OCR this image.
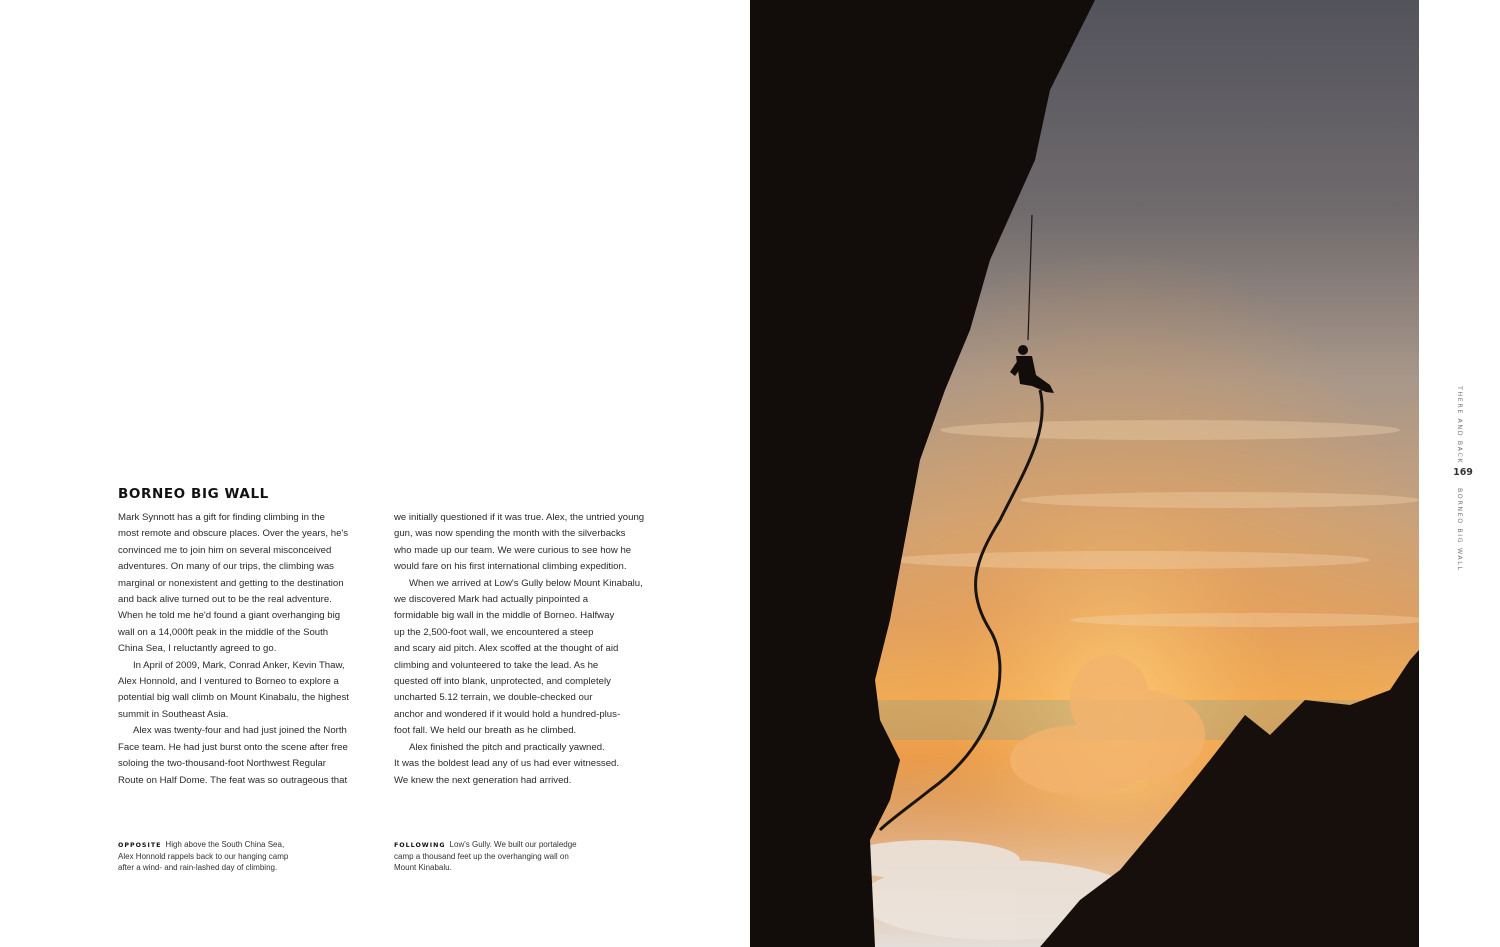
BORNEO BIG WALL
Mark Synnott has a gift for finding climbing in the
most remote and obscure places. Over the years, he's
convinced me to join him on several misconceived
adventures. On many of our trips, the climbing was
marginal or nonexistent and getting to the destination
and back alive turned out to be the real adventure.
When he told me he'd found a giant overhanging big
wall on a 14,000ft peak in the middle of the South
China Sea, I reluctantly agreed to go.
In April of 2009, Mark, Conrad Anker, Kevin Thaw,
Alex Honnold, and I ventured to Borneo to explore a
potential big wall climb on Mount Kinabalu, the highest
summit in Southeast Asia.
Alex was twenty-four and had just joined the North
Face team. He had just burst onto the scene after free
soloing the two-thousand-foot Northwest Regular
Route on Half Dome. The feat was so outrageous that
we initially questioned if it was true. Alex, the untried young
gun, was now spending the month with the silverbacks
who made up our team. We were curious to see how he
would fare on his first international climbing expedition.
When we arrived at Low's Gully below Mount Kinabalu,
we discovered Mark had actually pinpointed a
formidable big wall in the middle of Borneo. Halfway
up the 2,500-foot wall, we encountered a steep
and scary aid pitch. Alex scoffed at the thought of aid
climbing and volunteered to take the lead. As he
quested off into blank, unprotected, and completely
uncharted 5.12 terrain, we double-checked our
anchor and wondered if it would hold a hundred-plus-
foot fall. We held our breath as he climbed.
Alex finished the pitch and practically yawned.
It was the boldest lead any of us had ever witnessed.
We knew the next generation had arrived.
OPPOSITE High above the South China Sea,
Alex Honnold rappels back to our hanging camp
after a wind- and rain-lashed day of climbing.
FOLLOWING Low's Gully. We built our portaledge
camp a thousand feet up the overhanging wall on
Mount Kinabalu.
THERE AND BACK
169
BORNEO BIG WALL
